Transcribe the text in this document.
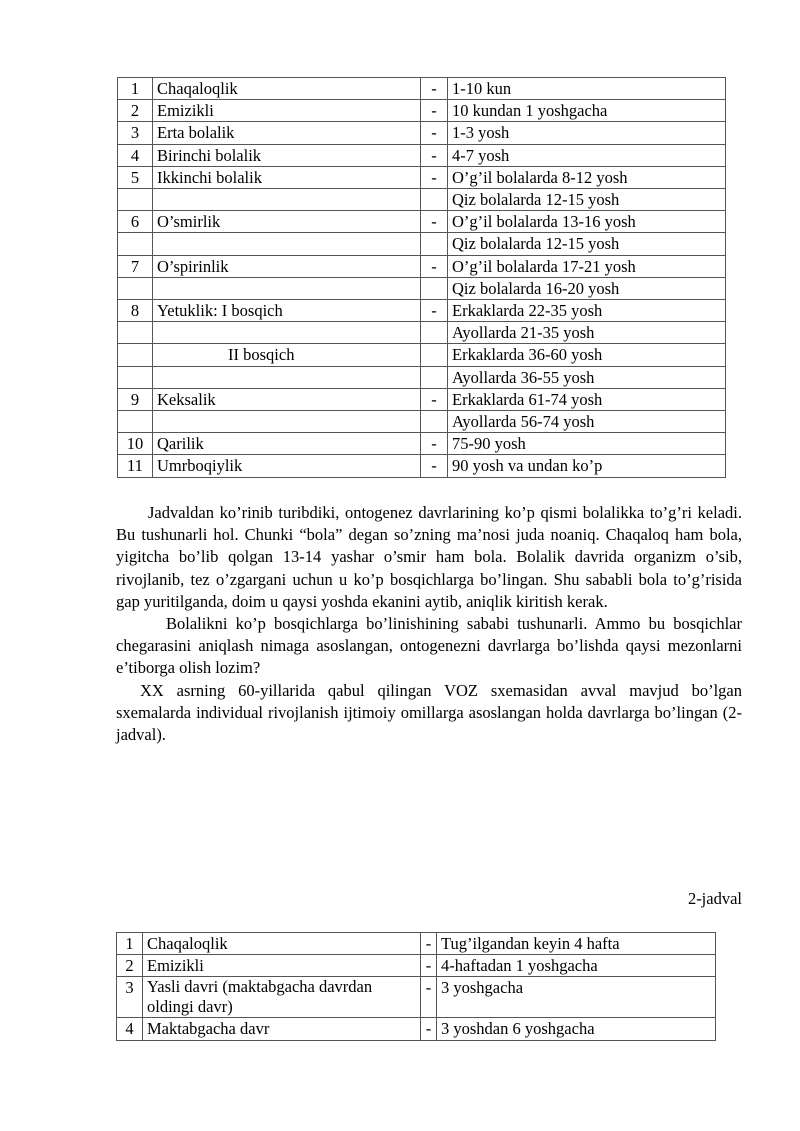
1	Chaqaloqlik	-	1-10 kun
2	Emizikli	-	10 kundan 1 yoshgacha
3	Erta bolalik	-	1-3 yosh
4	Birinchi bolalik	-	4-7 yosh
5	Ikkinchi bolalik	-	O’g’il bolalarda 8-12 yosh
			Qiz bolalarda 12-15 yosh
6	O’smirlik	-	O’g’il bolalarda 13-16 yosh
			Qiz bolalarda 12-15 yosh
7	O’spirinlik	-	O’g’il bolalarda 17-21 yosh
			Qiz bolalarda 16-20 yosh
8	Yetuklik: I bosqich	-	Erkaklarda 22-35 yosh
			Ayollarda 21-35 yosh
	II bosqich		Erkaklarda 36-60 yosh
			Ayollarda 36-55 yosh
9	Keksalik	-	Erkaklarda 61-74 yosh
			Ayollarda 56-74 yosh
10	Qarilik	-	75-90 yosh
11	Umrboqiylik	-	90 yosh va undan ko’p

Jadvaldan ko’rinib turibdiki, ontogenez davrlarining ko’p qismi bolalikka to’g’ri keladi. Bu tushunarli hol. Chunki “bola” degan so’zning ma’nosi juda noaniq. Chaqaloq ham bola, yigitcha bo’lib qolgan 13-14 yashar o’smir ham bola. Bolalik davrida organizm o’sib, rivojlanib, tez o’zgargani uchun u ko’p bosqichlarga bo’lingan. Shu sababli bola to’g’risida gap yuritilganda, doim u qaysi yoshda ekanini aytib, aniqlik kiritish kerak.

Bolalikni ko’p bosqichlarga bo’linishining sababi tushunarli. Ammo bu bosqichlar chegarasini aniqlash nimaga asoslangan, ontogenezni davrlarga bo’lishda qaysi mezonlarni e’tiborga olish lozim?

XX asrning 60-yillarida qabul qilingan VOZ sxemasidan avval mavjud bo’lgan sxemalarda individual rivojlanish ijtimoiy omillarga asoslangan holda davrlarga bo’lingan (2-jadval).

2-jadval
1	Chaqaloqlik	-	Tug’ilgandan keyin 4 hafta
2	Emizikli	-	4-haftadan 1 yoshgacha
3	Yasli davri (maktabgacha davrdan oldingi davr)	-	3 yoshgacha
4	Maktabgacha davr	-	3 yoshdan 6 yoshgacha
